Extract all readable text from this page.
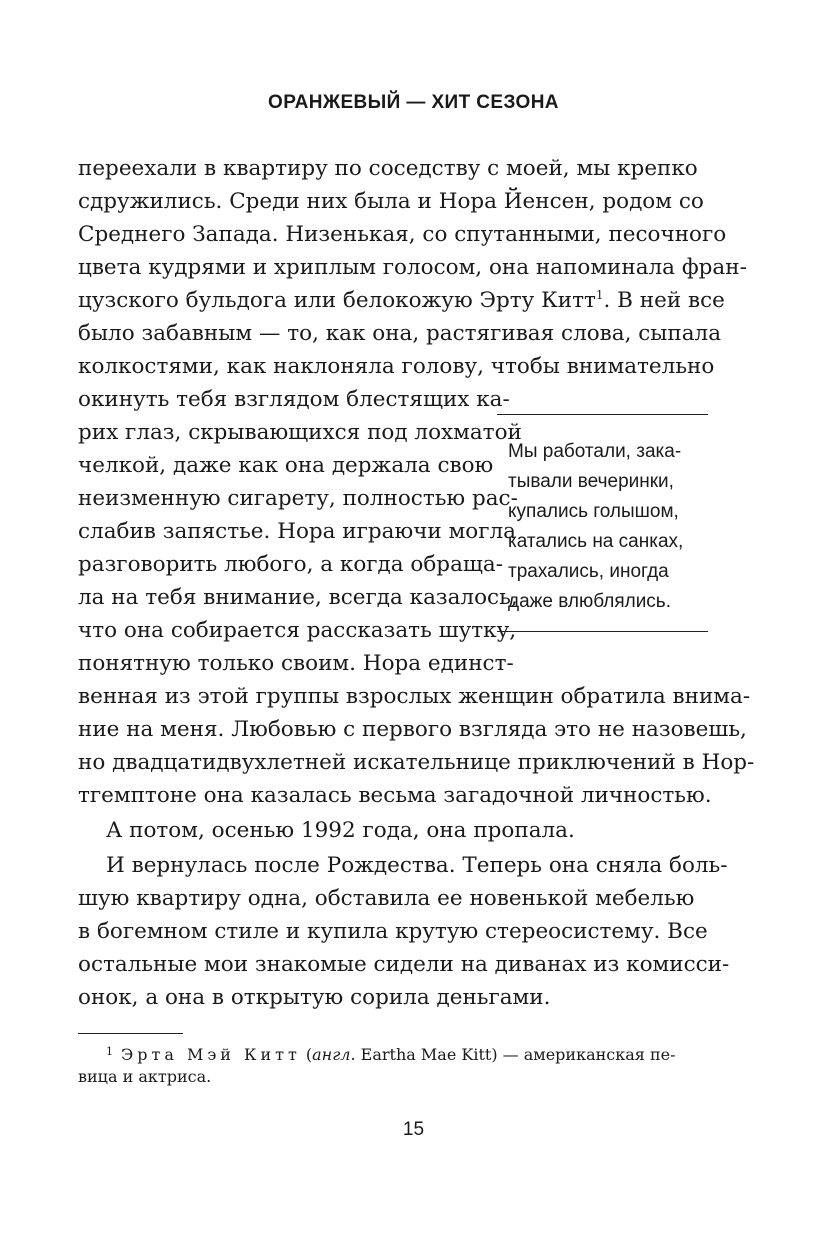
ОРАНЖЕВЫЙ — ХИТ СЕЗОНА
переехали в квартиру по соседству с моей, мы крепко
сдружились. Среди них была и Нора Йенсен, родом со
Среднего Запада. Низенькая, со спутанными, песочного
цвета кудрями и хриплым голосом, она напоминала фран-
цузского бульдога или белокожую Эрту Китт$^1$. В ней все
было забавным — то, как она, растягивая слова, сыпала
колкостями, как наклоняла голову, чтобы внимательно
окинуть тебя взглядом блестящих ка-
рих глаз, скрывающихся под лохматой
челкой, даже как она держала свою
неизменную сигарету, полностью рас-
слабив запястье. Нора играючи могла
разговорить любого, а когда обраща-
ла на тебя внимание, всегда казалось,
что она собирается рассказать шутку,
понятную только своим. Нора единст-
венная из этой группы взрослых женщин обратила внима-
ние на меня. Любовью с первого взгляда это не назовешь,
но двадцатидвухлетней искательнице приключений в Нор-
тгемптоне она казалась весьма загадочной личностью.
А потом, осенью 1992 года, она пропала.
И вернулась после Рождества. Теперь она сняла боль-
шую квартиру одна, обставила ее новенькой мебелью
в богемном стиле и купила крутую стереосистему. Все
остальные мои знакомые сидели на диванах из комисси-
онок, а она в открытую сорила деньгами.
Мы работали, зака-
тывали вечеринки,
купались голышом,
катались на санках,
трахались, иногда
даже влюблялись.
$^1$ Эрта Мэй Китт (англ. Eartha Mae Kitt) — американская пе-
вица и актриса.
15
